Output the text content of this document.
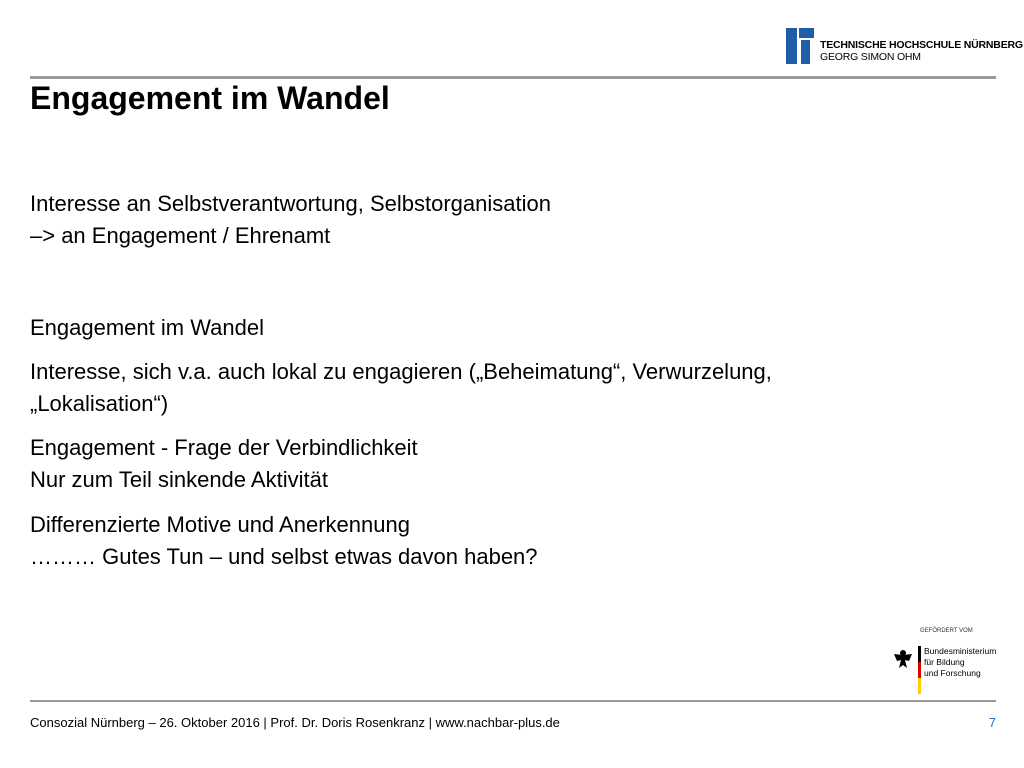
TECHNISCHE HOCHSCHULE NÜRNBERG
GEORG SIMON OHM
Engagement im Wandel
Interesse an Selbstverantwortung, Selbstorganisation
–> an Engagement / Ehrenamt
Engagement im Wandel
Interesse, sich v.a. auch lokal zu engagieren („Beheimatung“, Verwurzelung,
„Lokalisation“)
Engagement - Frage der Verbindlichkeit
Nur zum Teil sinkende Aktivität
Differenzierte Motive und Anerkennung
……… Gutes Tun – und selbst etwas davon haben?
GEFÖRDERT VOM
Bundesministerium
für Bildung
und Forschung
Consozial Nürnberg – 26. Oktober 2016 | Prof. Dr. Doris Rosenkranz | www.nachbar-plus.de	7
